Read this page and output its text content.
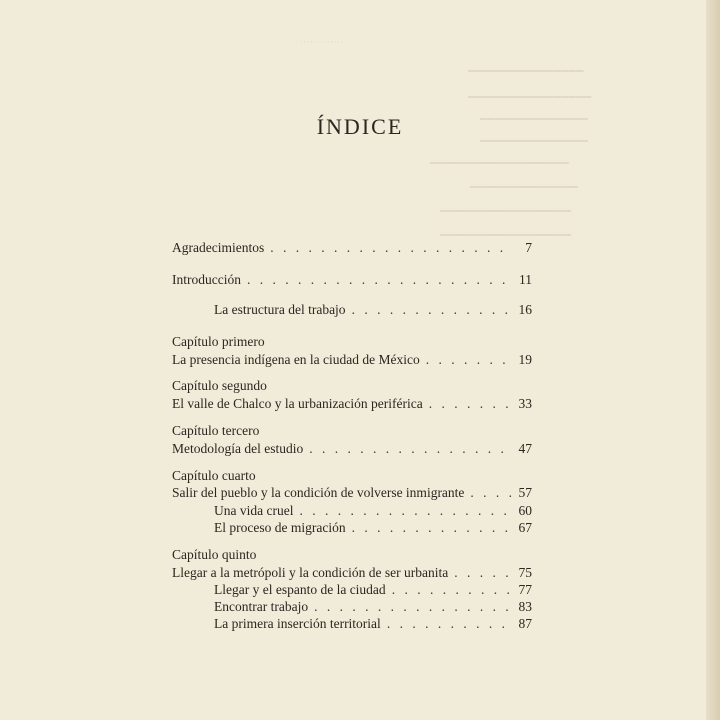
·············
━━━━━━━━━━━━━━━
━━━━━━━━━━━━━━━━
━━━━━━━━━━━━━━
━━━━━━━━━━━━━━
━━━━━━━━━━━━━━━━━━
━━━━━━━━━━━━━━
━━━━━━━━━━━━━━━━━
━━━━━━━━━━━━━━━━━
ÍNDICE
Agradecimientos . . .	7
Introducción . . .	11
La estructura del trabajo . . .	16
Capítulo primero
La presencia indígena en la ciudad de México . . .	19
Capítulo segundo
El valle de Chalco y la urbanización periférica . . .	33
Capítulo tercero
Metodología del estudio . . .	47
Capítulo cuarto
Salir del pueblo y la condición de volverse inmigrante . . .	57
Una vida cruel . . .	60
El proceso de migración . . .	67
Capítulo quinto
Llegar a la metrópoli y la condición de ser urbanita . . .	75
Llegar y el espanto de la ciudad . . .	77
Encontrar trabajo . . .	83
La primera inserción territorial . . .	87
